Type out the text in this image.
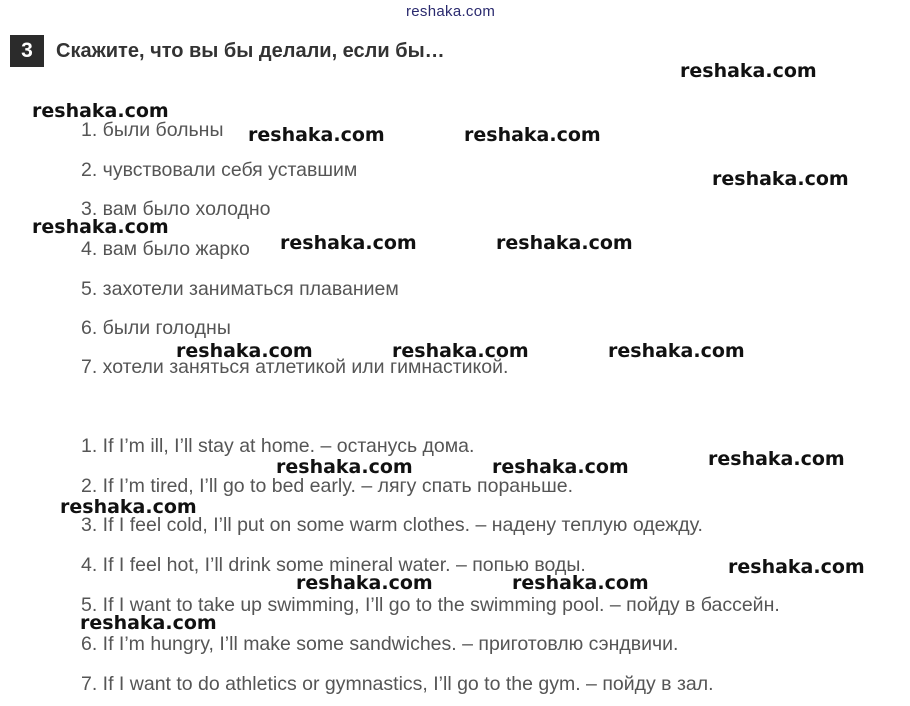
reshaka.com
3	Скажите, что вы бы делали, если бы…
1. были больны
2. чувствовали себя уставшим
3. вам было холодно
4. вам было жарко
5. захотели заниматься плаванием
6. были голодны
7. хотели заняться атлетикой или гимнастикой.
1. If I’m ill, I’ll stay at home. – останусь дома.
2. If I’m tired, I’ll go to bed early. – лягу спать пораньше.
3. If I feel cold, I’ll put on some warm clothes. – надену теплую одежду.
4. If I feel hot, I’ll drink some mineral water. – попью воды.
5. If I want to take up swimming, I’ll go to the swimming pool. – пойду в бассейн.
6. If I’m hungry, I’ll make some sandwiches. – приготовлю сэндвичи.
7. If I want to do athletics or gymnastics, I’ll go to the gym. – пойду в зал.
reshaka.com
reshaka.com
reshaka.com	reshaka.com
reshaka.com
reshaka.com
reshaka.com	reshaka.com
reshaka.com	reshaka.com	reshaka.com
reshaka.com
reshaka.com	reshaka.com
reshaka.com
reshaka.com
reshaka.com	reshaka.com
reshaka.com
